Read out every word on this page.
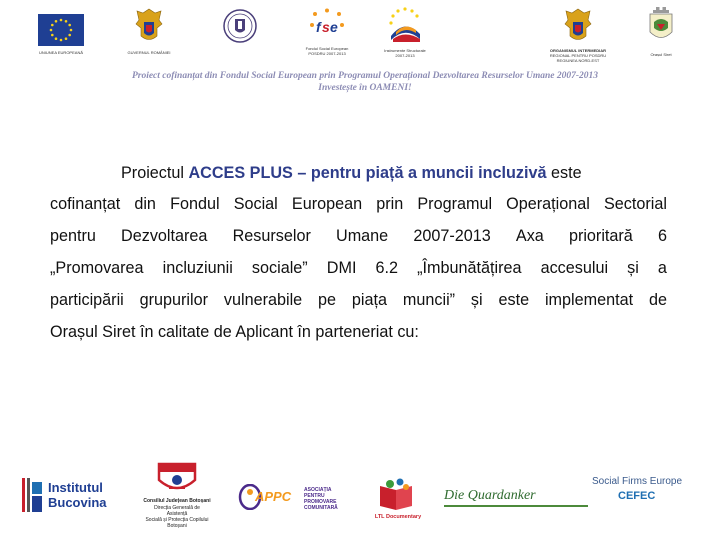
UNIUNEA EUROPEANĂ	GUVERNUL ROMÂNIEI
f s e
Fondul Social European
POSDRU 2007-2013
Instrumente Structurale
2007-2013
ORGANISMUL INTERMEDIAR
REGIONAL PENTRU POSDRU
REGIUNEA NORD-EST
Orașul Siret
Proiect cofinanțat din Fondul Social European prin Programul Operațional Dezvoltarea Resurselor Umane 2007-2013
Investește în OAMENI!
Proiectul ACCES PLUS – pentru piață a muncii incluzivă este
cofinanțat din Fondul Social European prin Programul Operațional Sectorial
pentru Dezvoltarea Resurselor Umane 2007-2013 Axa prioritară 6
„Promovarea incluziunii sociale” DMI 6.2 „Îmbunătățirea accesului și a
participării grupurilor vulnerabile pe piața muncii” și este implementat de
Orașul Siret în calitate de Aplicant în parteneriat cu:
Institutul
Bucovina	Consiliul Județean Botoșani
Direcția Generală de
Asistență
Socială și Protecția Copilului
Botoșani
APPC	ASOCIAȚIA PENTRU
PROMOVARE COMUNITARĂ
LTL Documentary
Die Quardanker
Social Firms Europe
CEFEC
